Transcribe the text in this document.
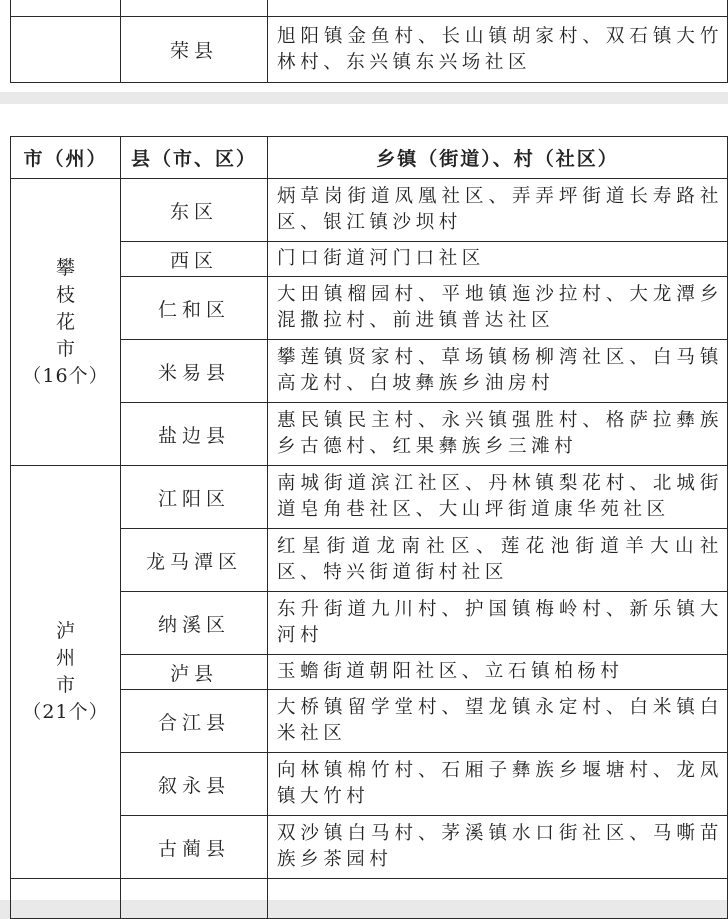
	荣县	旭阳镇金鱼村、长山镇胡家村、双石镇大竹林村、东兴镇东兴场社区
市（州）	县（市、区）	乡镇（街道）、村（社区）

攀
枝
花
市
（16个）	东区	炳草岗街道凤凰社区、弄弄坪街道长寿路社区、银江镇沙坝村
	西区	门口街道河门口社区
	仁和区	大田镇榴园村、平地镇迤沙拉村、大龙潭乡混撒拉村、前进镇普达社区
	米易县	攀莲镇贤家村、草场镇杨柳湾社区、白马镇高龙村、白坡彝族乡油房村
	盐边县	惠民镇民主村、永兴镇强胜村、格萨拉彝族乡古德村、红果彝族乡三滩村

泸
州
市
（21个）	江阳区	南城街道滨江社区、丹林镇梨花村、北城街道皂角巷社区、大山坪街道康华苑社区
	龙马潭区	红星街道龙南社区、莲花池街道羊大山社区、特兴街道街村社区
	纳溪区	东升街道九川村、护国镇梅岭村、新乐镇大河村
	泸县	玉蟾街道朝阳社区、立石镇柏杨村
	合江县	大桥镇留学堂村、望龙镇永定村、白米镇白米社区
	叙永县	向林镇棉竹村、石厢子彝族乡堰塘村、龙凤镇大竹村
	古蔺县	双沙镇白马村、茅溪镇水口街社区、马嘶苗族乡茶园村
